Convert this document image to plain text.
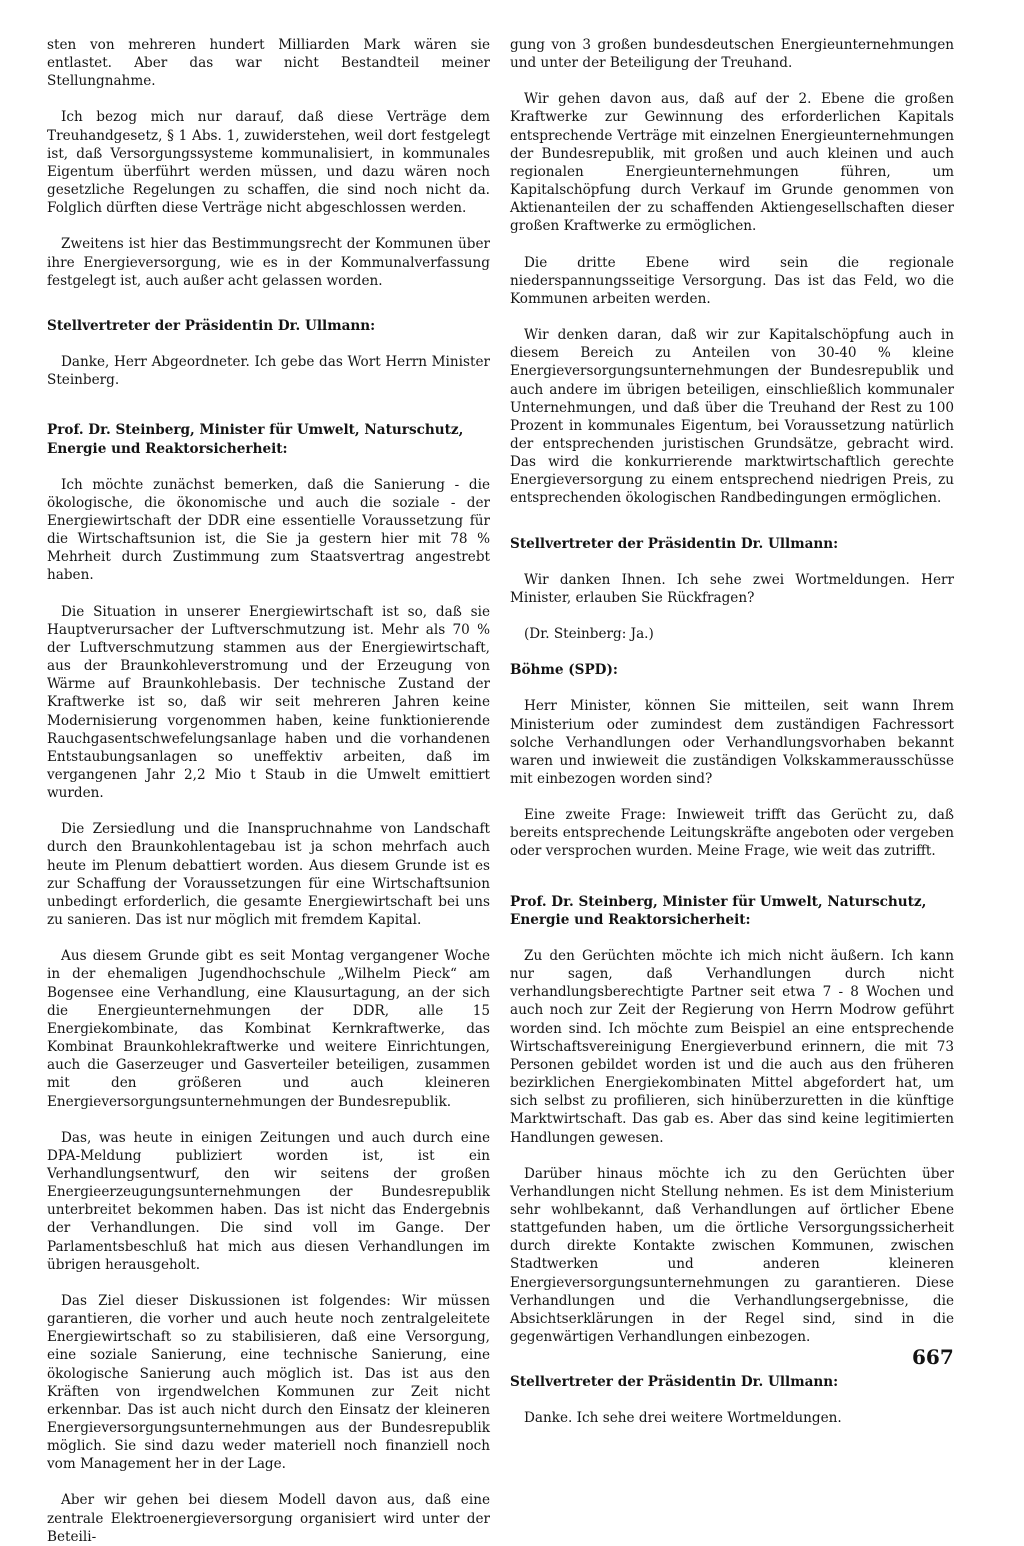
sten von mehreren hundert Milliarden Mark wären sie entlastet. Aber das war nicht Bestandteil meiner Stellungnahme.

Ich bezog mich nur darauf, daß diese Verträge dem Treuhandgesetz, § 1 Abs. 1, zuwiderstehen, weil dort festgelegt ist, daß Versorgungssysteme kommunalisiert, in kommunales Eigentum überführt werden müssen, und dazu wären noch gesetzliche Regelungen zu schaffen, die sind noch nicht da. Folglich dürften diese Verträge nicht abgeschlossen werden.

Zweitens ist hier das Bestimmungsrecht der Kommunen über ihre Energieversorgung, wie es in der Kommunalverfassung festgelegt ist, auch außer acht gelassen worden.

Stellvertreter der Präsidentin Dr. Ullmann:

Danke, Herr Abgeordneter. Ich gebe das Wort Herrn Minister Steinberg.

Prof. Dr. Steinberg, Minister für Umwelt, Naturschutz, Energie und Reaktorsicherheit:

Ich möchte zunächst bemerken, daß die Sanierung - die ökologische, die ökonomische und auch die soziale - der Energiewirtschaft der DDR eine essentielle Voraussetzung für die Wirtschaftsunion ist, die Sie ja gestern hier mit 78 % Mehrheit durch Zustimmung zum Staatsvertrag angestrebt haben.

Die Situation in unserer Energiewirtschaft ist so, daß sie Hauptverursacher der Luftverschmutzung ist. Mehr als 70 % der Luftverschmutzung stammen aus der Energiewirtschaft, aus der Braunkohleverstromung und der Erzeugung von Wärme auf Braunkohlebasis. Der technische Zustand der Kraftwerke ist so, daß wir seit mehreren Jahren keine Modernisierung vorgenommen haben, keine funktionierende Rauchgasentschwefelungsanlage haben und die vorhandenen Entstaubungsanlagen so uneffektiv arbeiten, daß im vergangenen Jahr 2,2 Mio t Staub in die Umwelt emittiert wurden.

Die Zersiedlung und die Inanspruchnahme von Landschaft durch den Braunkohlentagebau ist ja schon mehrfach auch heute im Plenum debattiert worden. Aus diesem Grunde ist es zur Schaffung der Voraussetzungen für eine Wirtschaftsunion unbedingt erforderlich, die gesamte Energiewirtschaft bei uns zu sanieren. Das ist nur möglich mit fremdem Kapital.

Aus diesem Grunde gibt es seit Montag vergangener Woche in der ehemaligen Jugendhochschule „Wilhelm Pieck“ am Bogensee eine Verhandlung, eine Klausurtagung, an der sich die Energieunternehmungen der DDR, alle 15 Energiekombinate, das Kombinat Kernkraftwerke, das Kombinat Braunkohlekraftwerke und weitere Einrichtungen, auch die Gaserzeuger und Gasverteiler beteiligen, zusammen mit den größeren und auch kleineren Energieversorgungsunternehmungen der Bundesrepublik.

Das, was heute in einigen Zeitungen und auch durch eine DPA-Meldung publiziert worden ist, ist ein Verhandlungsentwurf, den wir seitens der großen Energieerzeugungsunternehmungen der Bundesrepublik unterbreitet bekommen haben. Das ist nicht das Endergebnis der Verhandlungen. Die sind voll im Gange. Der Parlamentsbeschluß hat mich aus diesen Verhandlungen im übrigen herausgeholt.

Das Ziel dieser Diskussionen ist folgendes: Wir müssen garantieren, die vorher und auch heute noch zentralgeleitete Energiewirtschaft so zu stabilisieren, daß eine Versorgung, eine soziale Sanierung, eine technische Sanierung, eine ökologische Sanierung auch möglich ist. Das ist aus den Kräften von irgendwelchen Kommunen zur Zeit nicht erkennbar. Das ist auch nicht durch den Einsatz der kleineren Energieversorgungsunternehmungen aus der Bundesrepublik möglich. Sie sind dazu weder materiell noch finanziell noch vom Management her in der Lage.

Aber wir gehen bei diesem Modell davon aus, daß eine zentrale Elektroenergieversorgung organisiert wird unter der Beteili-

gung von 3 großen bundesdeutschen Energieunternehmungen und unter der Beteiligung der Treuhand.

Wir gehen davon aus, daß auf der 2. Ebene die großen Kraftwerke zur Gewinnung des erforderlichen Kapitals entsprechende Verträge mit einzelnen Energieunternehmungen der Bundesrepublik, mit großen und auch kleinen und auch regionalen Energieunternehmungen führen, um Kapitalschöpfung durch Verkauf im Grunde genommen von Aktienanteilen der zu schaffenden Aktiengesellschaften dieser großen Kraftwerke zu ermöglichen.

Die dritte Ebene wird sein die regionale niederspannungsseitige Versorgung. Das ist das Feld, wo die Kommunen arbeiten werden.

Wir denken daran, daß wir zur Kapitalschöpfung auch in diesem Bereich zu Anteilen von 30-40 % kleine Energieversorgungsunternehmungen der Bundesrepublik und auch andere im übrigen beteiligen, einschließlich kommunaler Unternehmungen, und daß über die Treuhand der Rest zu 100 Prozent in kommunales Eigentum, bei Voraussetzung natürlich der entsprechenden juristischen Grundsätze, gebracht wird. Das wird die konkurrierende marktwirtschaftlich gerechte Energieversorgung zu einem entsprechend niedrigen Preis, zu entsprechenden ökologischen Randbedingungen ermöglichen.

Stellvertreter der Präsidentin Dr. Ullmann:

Wir danken Ihnen. Ich sehe zwei Wortmeldungen. Herr Minister, erlauben Sie Rückfragen?

(Dr. Steinberg: Ja.)

Böhme (SPD):

Herr Minister, können Sie mitteilen, seit wann Ihrem Ministerium oder zumindest dem zuständigen Fachressort solche Verhandlungen oder Verhandlungsvorhaben bekannt waren und inwieweit die zuständigen Volkskammerausschüsse mit einbezogen worden sind?

Eine zweite Frage: Inwieweit trifft das Gerücht zu, daß bereits entsprechende Leitungskräfte angeboten oder vergeben oder versprochen wurden. Meine Frage, wie weit das zutrifft.

Prof. Dr. Steinberg, Minister für Umwelt, Naturschutz, Energie und Reaktorsicherheit:

Zu den Gerüchten möchte ich mich nicht äußern. Ich kann nur sagen, daß Verhandlungen durch nicht verhandlungsberechtigte Partner seit etwa 7 - 8 Wochen und auch noch zur Zeit der Regierung von Herrn Modrow geführt worden sind. Ich möchte zum Beispiel an eine entsprechende Wirtschaftsvereinigung Energieverbund erinnern, die mit 73 Personen gebildet worden ist und die auch aus den früheren bezirklichen Energiekombinaten Mittel abgefordert hat, um sich selbst zu profilieren, sich hinüberzuretten in die künftige Marktwirtschaft. Das gab es. Aber das sind keine legitimierten Handlungen gewesen.

Darüber hinaus möchte ich zu den Gerüchten über Verhandlungen nicht Stellung nehmen. Es ist dem Ministerium sehr wohlbekannt, daß Verhandlungen auf örtlicher Ebene stattgefunden haben, um die örtliche Versorgungssicherheit durch direkte Kontakte zwischen Kommunen, zwischen Stadtwerken und anderen kleineren Energieversorgungsunternehmungen zu garantieren. Diese Verhandlungen und die Verhandlungsergebnisse, die Absichtserklärungen in der Regel sind, sind in die gegenwärtigen Verhandlungen einbezogen.

Stellvertreter der Präsidentin Dr. Ullmann:

Danke. Ich sehe drei weitere Wortmeldungen.

667
